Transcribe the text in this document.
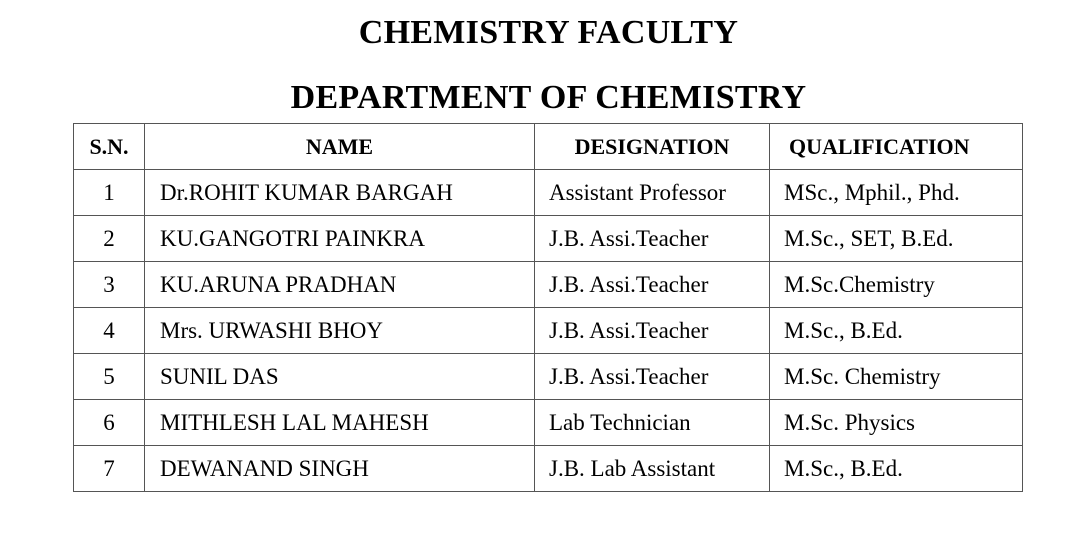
CHEMISTRY FACULTY
DEPARTMENT OF CHEMISTRY
S.N.	NAME	DESIGNATION	QUALIFICATION
1	Dr.ROHIT KUMAR BARGAH	Assistant Professor	MSc., Mphil., Phd.
2	KU.GANGOTRI PAINKRA	J.B. Assi.Teacher	M.Sc., SET, B.Ed.
3	KU.ARUNA PRADHAN	J.B. Assi.Teacher	M.Sc.Chemistry
4	Mrs. URWASHI BHOY	J.B. Assi.Teacher	M.Sc., B.Ed.
5	SUNIL DAS	J.B. Assi.Teacher	M.Sc. Chemistry
6	MITHLESH LAL MAHESH	Lab Technician	M.Sc. Physics
7	DEWANAND SINGH	J.B. Lab Assistant	M.Sc., B.Ed.
